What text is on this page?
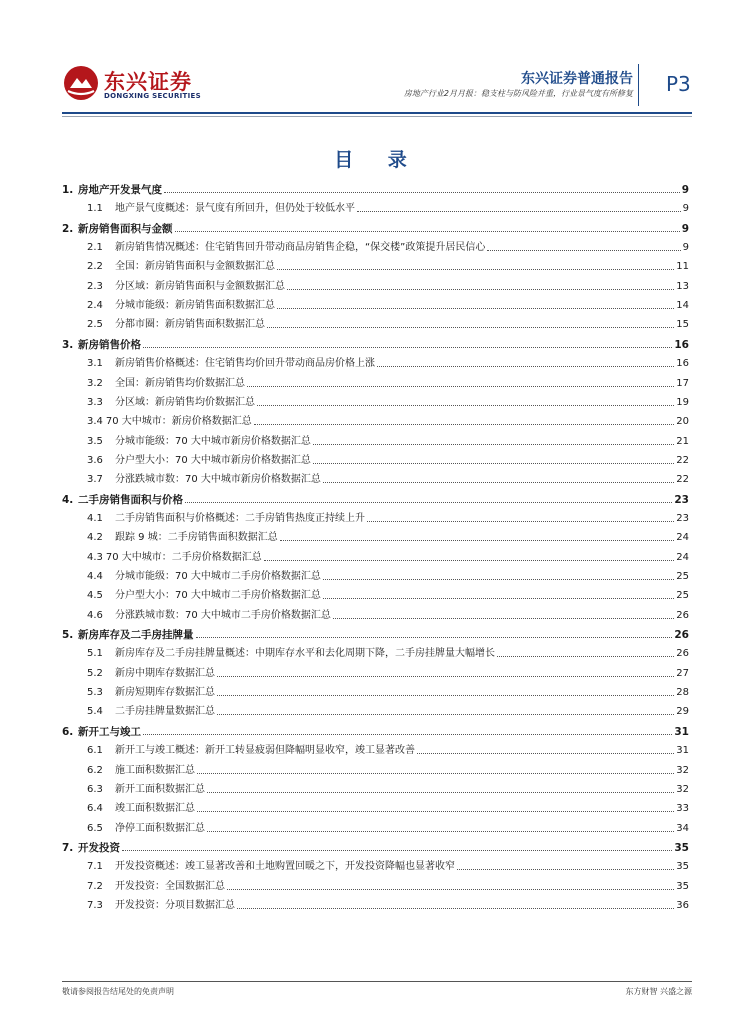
东兴证券
DONGXING SECURITIES
东兴证券普通报告
房地产行业2月月报：稳支柱与防风险并重，行业景气度有所修复 P3
目 录
1. 房地产开发景气度	9
1.1	地产景气度概述：景气度有所回升，但仍处于较低水平	9
2. 新房销售面积与金额	9
2.1	新房销售情况概述：住宅销售回升带动商品房销售企稳，“保交楼”政策提升居民信心	9
2.2	全国：新房销售面积与金额数据汇总	11
2.3	分区域：新房销售面积与金额数据汇总	13
2.4	分城市能级：新房销售面积数据汇总	14
2.5	分都市圈：新房销售面积数据汇总	15
3. 新房销售价格	16
3.1	新房销售价格概述：住宅销售均价回升带动商品房价格上涨	16
3.2	全国：新房销售均价数据汇总	17
3.3	分区域：新房销售均价数据汇总	19
3.4 70 大中城市：新房价格数据汇总	20
3.5	分城市能级：70 大中城市新房价格数据汇总	21
3.6	分户型大小：70 大中城市新房价格数据汇总	22
3.7	分涨跌城市数：70 大中城市新房价格数据汇总	22
4. 二手房销售面积与价格	23
4.1	二手房销售面积与价格概述：二手房销售热度正持续上升	23
4.2	跟踪 9 城：二手房销售面积数据汇总	24
4.3 70 大中城市：二手房价格数据汇总	24
4.4	分城市能级：70 大中城市二手房价格数据汇总	25
4.5	分户型大小：70 大中城市二手房价格数据汇总	25
4.6	分涨跌城市数：70 大中城市二手房价格数据汇总	26
5. 新房库存及二手房挂牌量	26
5.1	新房库存及二手房挂牌量概述：中期库存水平和去化周期下降，二手房挂牌量大幅增长	26
5.2	新房中期库存数据汇总	27
5.3	新房短期库存数据汇总	28
5.4	二手房挂牌量数据汇总	29
6. 新开工与竣工	31
6.1	新开工与竣工概述：新开工转显疲弱但降幅明显收窄，竣工显著改善	31
6.2	施工面积数据汇总	32
6.3	新开工面积数据汇总	32
6.4	竣工面积数据汇总	33
6.5	净停工面积数据汇总	34
7. 开发投资	35
7.1	开发投资概述：竣工显著改善和土地购置回暖之下，开发投资降幅也显著收窄	35
7.2	开发投资：全国数据汇总	35
7.3	开发投资：分项目数据汇总	36
敬请参阅报告结尾处的免责声明	东方财智 兴盛之源
